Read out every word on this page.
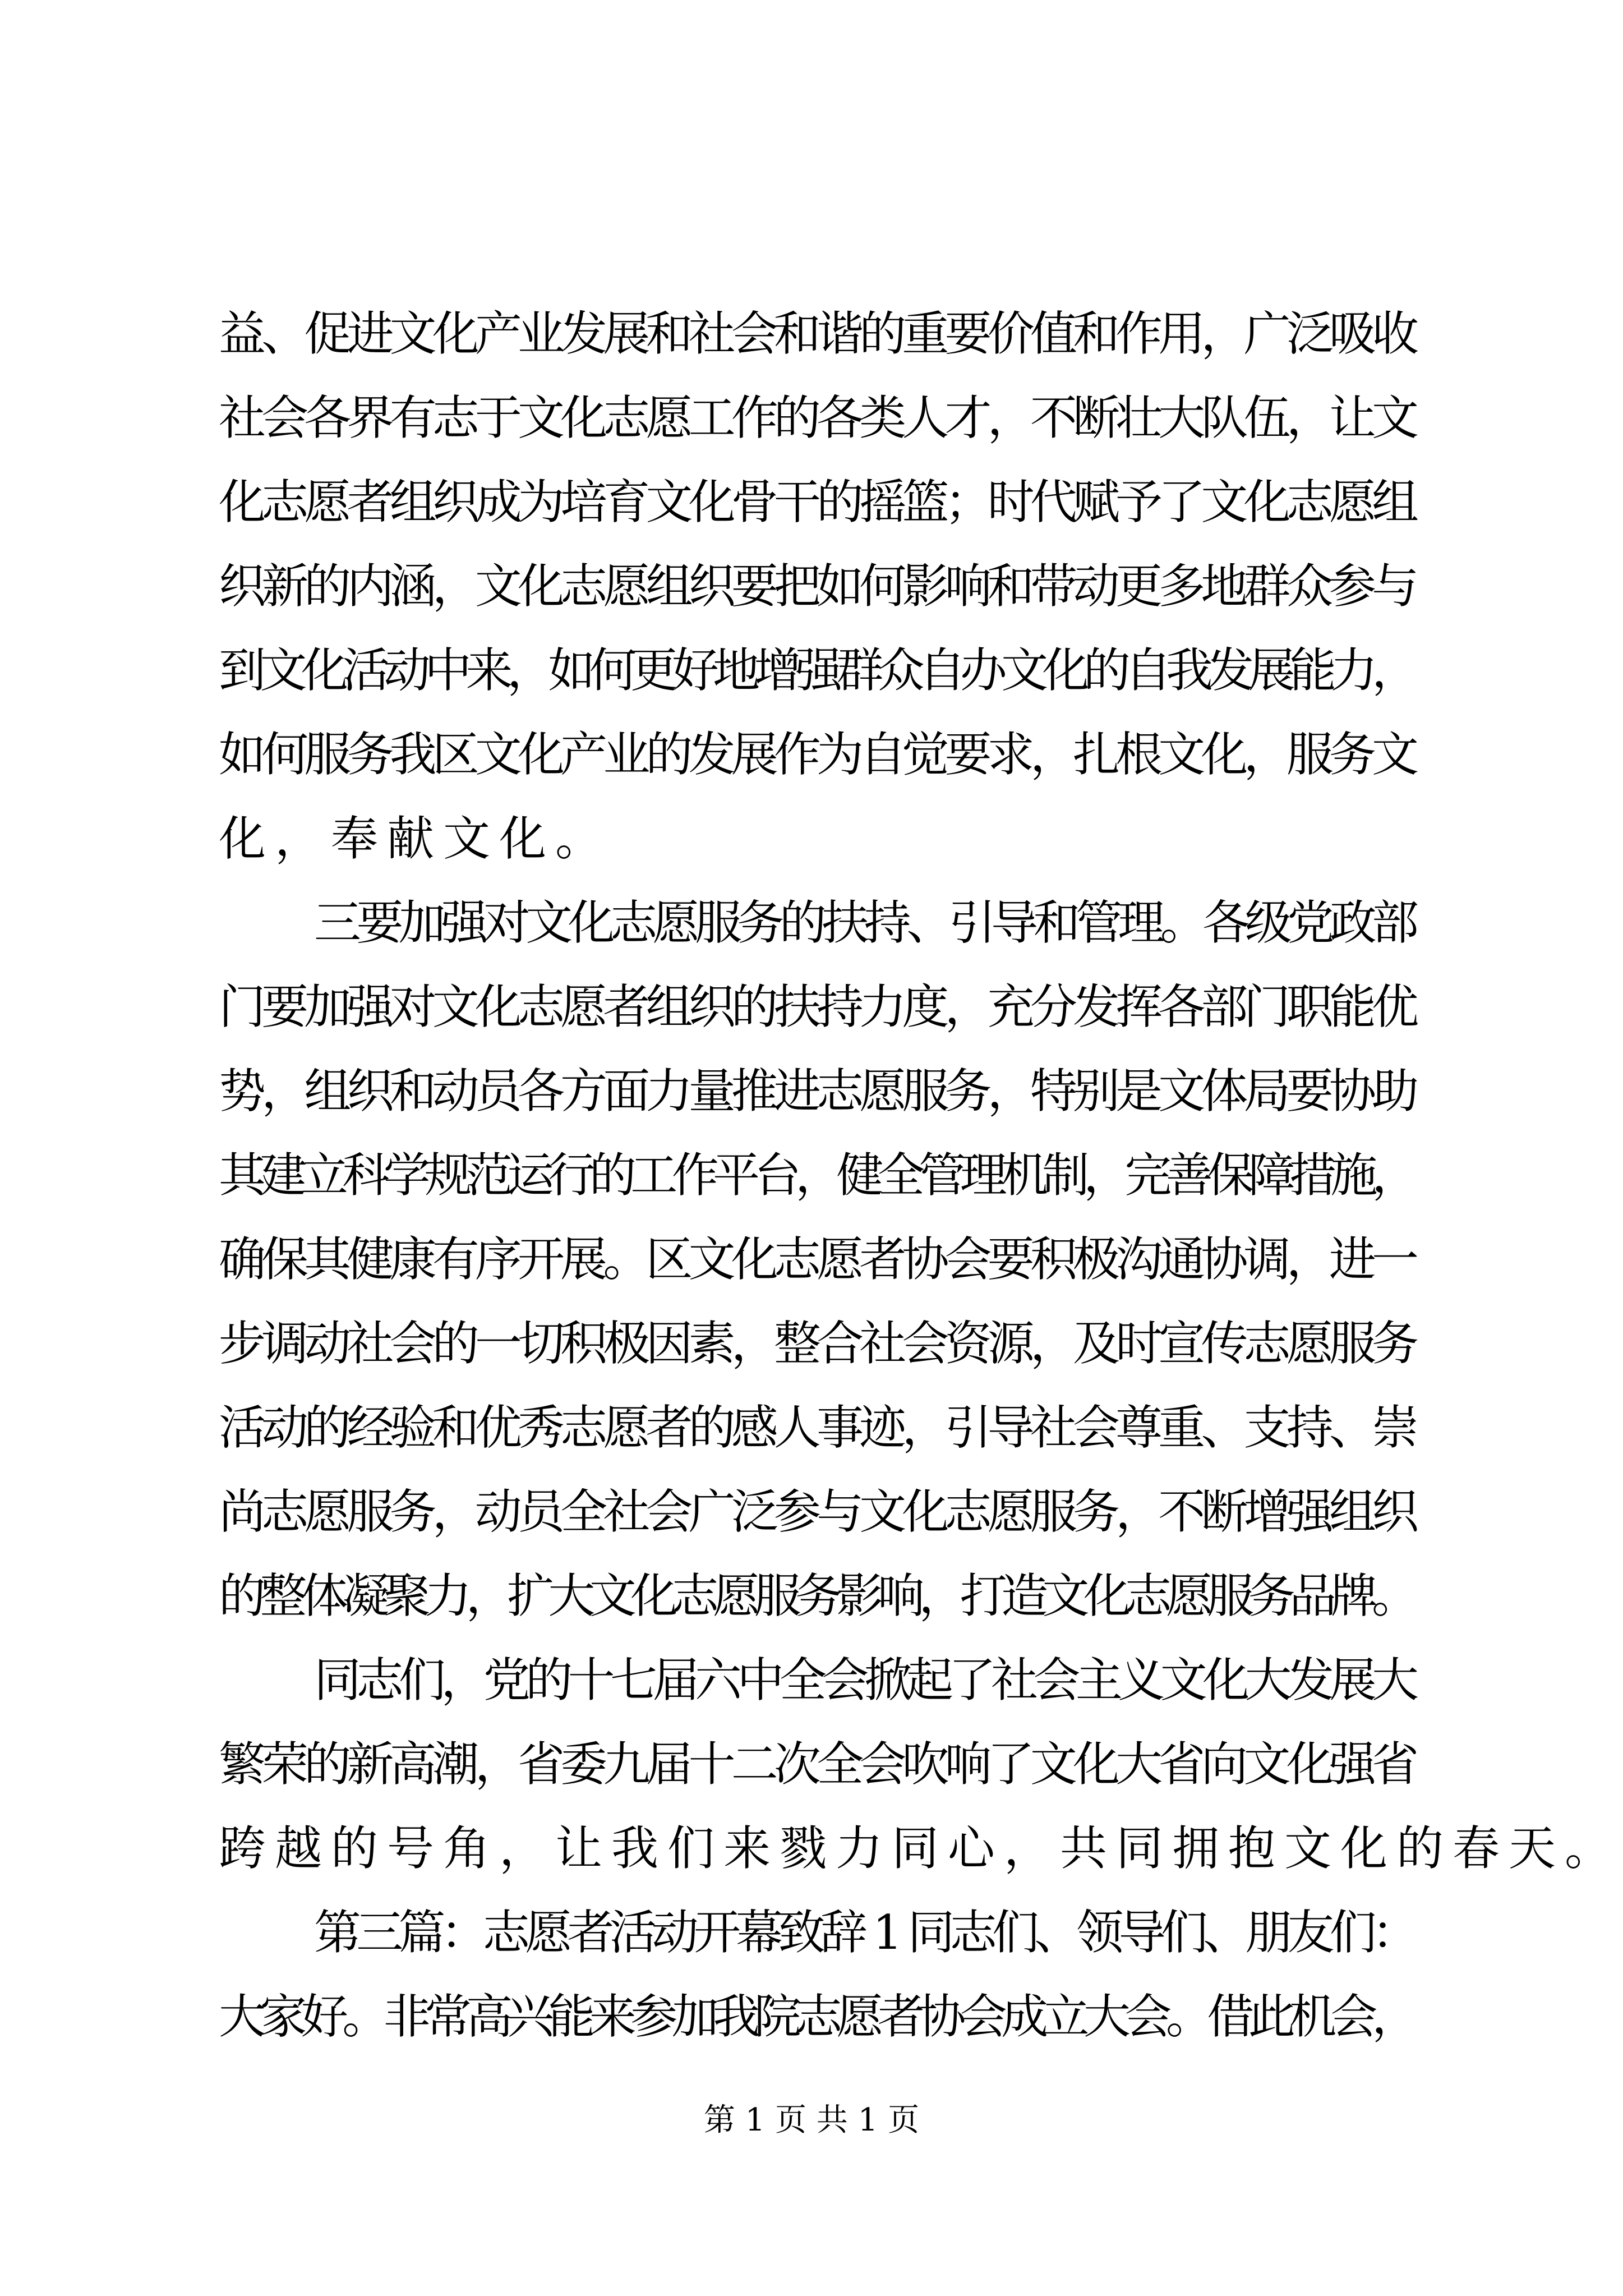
益、促进文化产业发展和社会和谐的重要价值和作用，广泛吸收

社会各界有志于文化志愿工作的各类人才，不断壮大队伍，让文

化志愿者组织成为培育文化骨干的摇篮；时代赋予了文化志愿组

织新的内涵，文化志愿组织要把如何影响和带动更多地群众参与

到文化活动中来，如何更好地增强群众自办文化的自我发展能力，

如何服务我区文化产业的发展作为自觉要求，扎根文化，服务文

化，奉献文化。

三要加强对文化志愿服务的扶持、引导和管理。各级党政部

门要加强对文化志愿者组织的扶持力度，充分发挥各部门职能优

势，组织和动员各方面力量推进志愿服务，特别是文体局要协助

其建立科学规范运行的工作平台，健全管理机制，完善保障措施，

确保其健康有序开展。区文化志愿者协会要积极沟通协调，进一

步调动社会的一切积极因素，整合社会资源，及时宣传志愿服务

活动的经验和优秀志愿者的感人事迹，引导社会尊重、支持、崇

尚志愿服务，动员全社会广泛参与文化志愿服务，不断增强组织

的整体凝聚力，扩大文化志愿服务影响，打造文化志愿服务品牌。

同志们，党的十七届六中全会掀起了社会主义文化大发展大

繁荣的新高潮，省委九届十二次全会吹响了文化大省向文化强省

跨越的号角，让我们来戮力同心，共同拥抱文化的春天。

第三篇：志愿者活动开幕致辞 1 同志们、领导们、朋友们：

大家好。非常高兴能来参加我院志愿者协会成立大会。借此机会，

第 1 页 共 1 页
